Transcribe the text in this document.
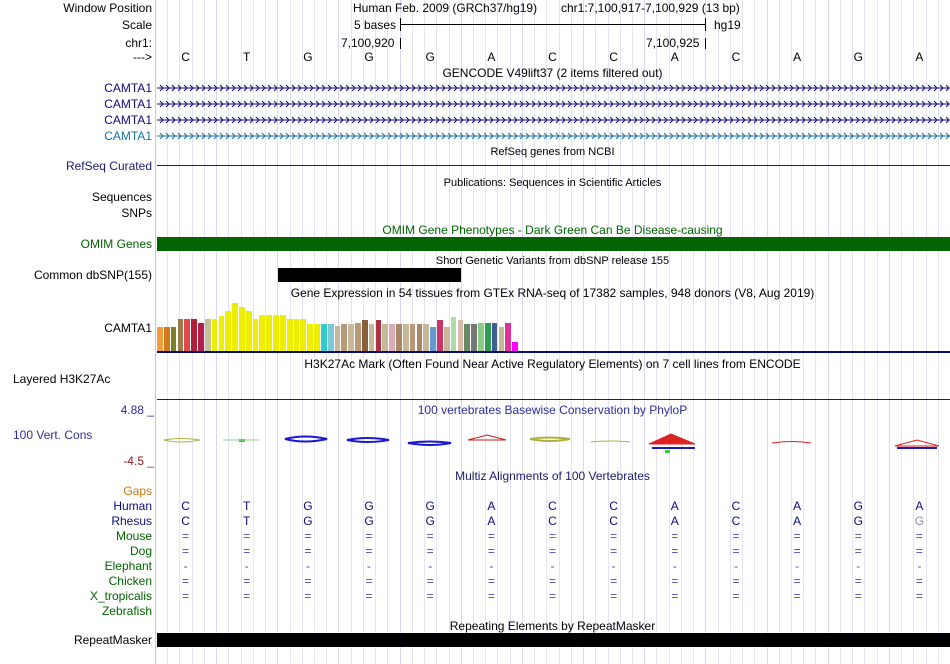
Window Position	Human Feb. 2009 (GRCh37/hg19) chr1:7,100,917-7,100,929 (13 bp)
Scale	5 bases	hg19
chr1:	7,100,920	7,100,925
--->	C	T	G	G	G	A	C	C	A	C	A	G	A
GENCODE V49lift37 (2 items filtered out)
CAMTA1
CAMTA1
CAMTA1
CAMTA1
RefSeq Curated
RefSeq genes from NCBI
Publications: Sequences in Scientific Articles
Sequences
SNPs
OMIM Gene Phenotypes - Dark Green Can Be Disease-causing
OMIM Genes
Short Genetic Variants from dbSNP release 155
Common dbSNP(155)
Gene Expression in 54 tissues from GTEx RNA-seq of 17382 samples, 948 donors (V8, Aug 2019)
CAMTA1
H3K27Ac Mark (Often Found Near Active Regulatory Elements) on 7 cell lines from ENCODE
Layered H3K27Ac
100 vertebrates Basewise Conservation by PhyloP
4.88 _
100 Vert. Cons
-4.5 _
Multiz Alignments of 100 Vertebrates
Gaps
Human	C	T	G	G	G	A	C	C	A	C	A	G	A
Rhesus	C	T	G	G	G	A	C	C	A	C	A	G	G
Mouse	=	=	=	=	=	=	=	=	=	=	=	=	=
Dog	=	=	=	=	=	=	=	=	=	=	=	=	=
Elephant	-	-	-	-	-	-	-	-	-	-	-	-	-
Chicken	=	=	=	=	=	=	=	=	=	=	=	=	=
X_tropicalis	=	=	=	=	=	=	=	=	=	=	=	=	=
Zebrafish
Repeating Elements by RepeatMasker
RepeatMasker
